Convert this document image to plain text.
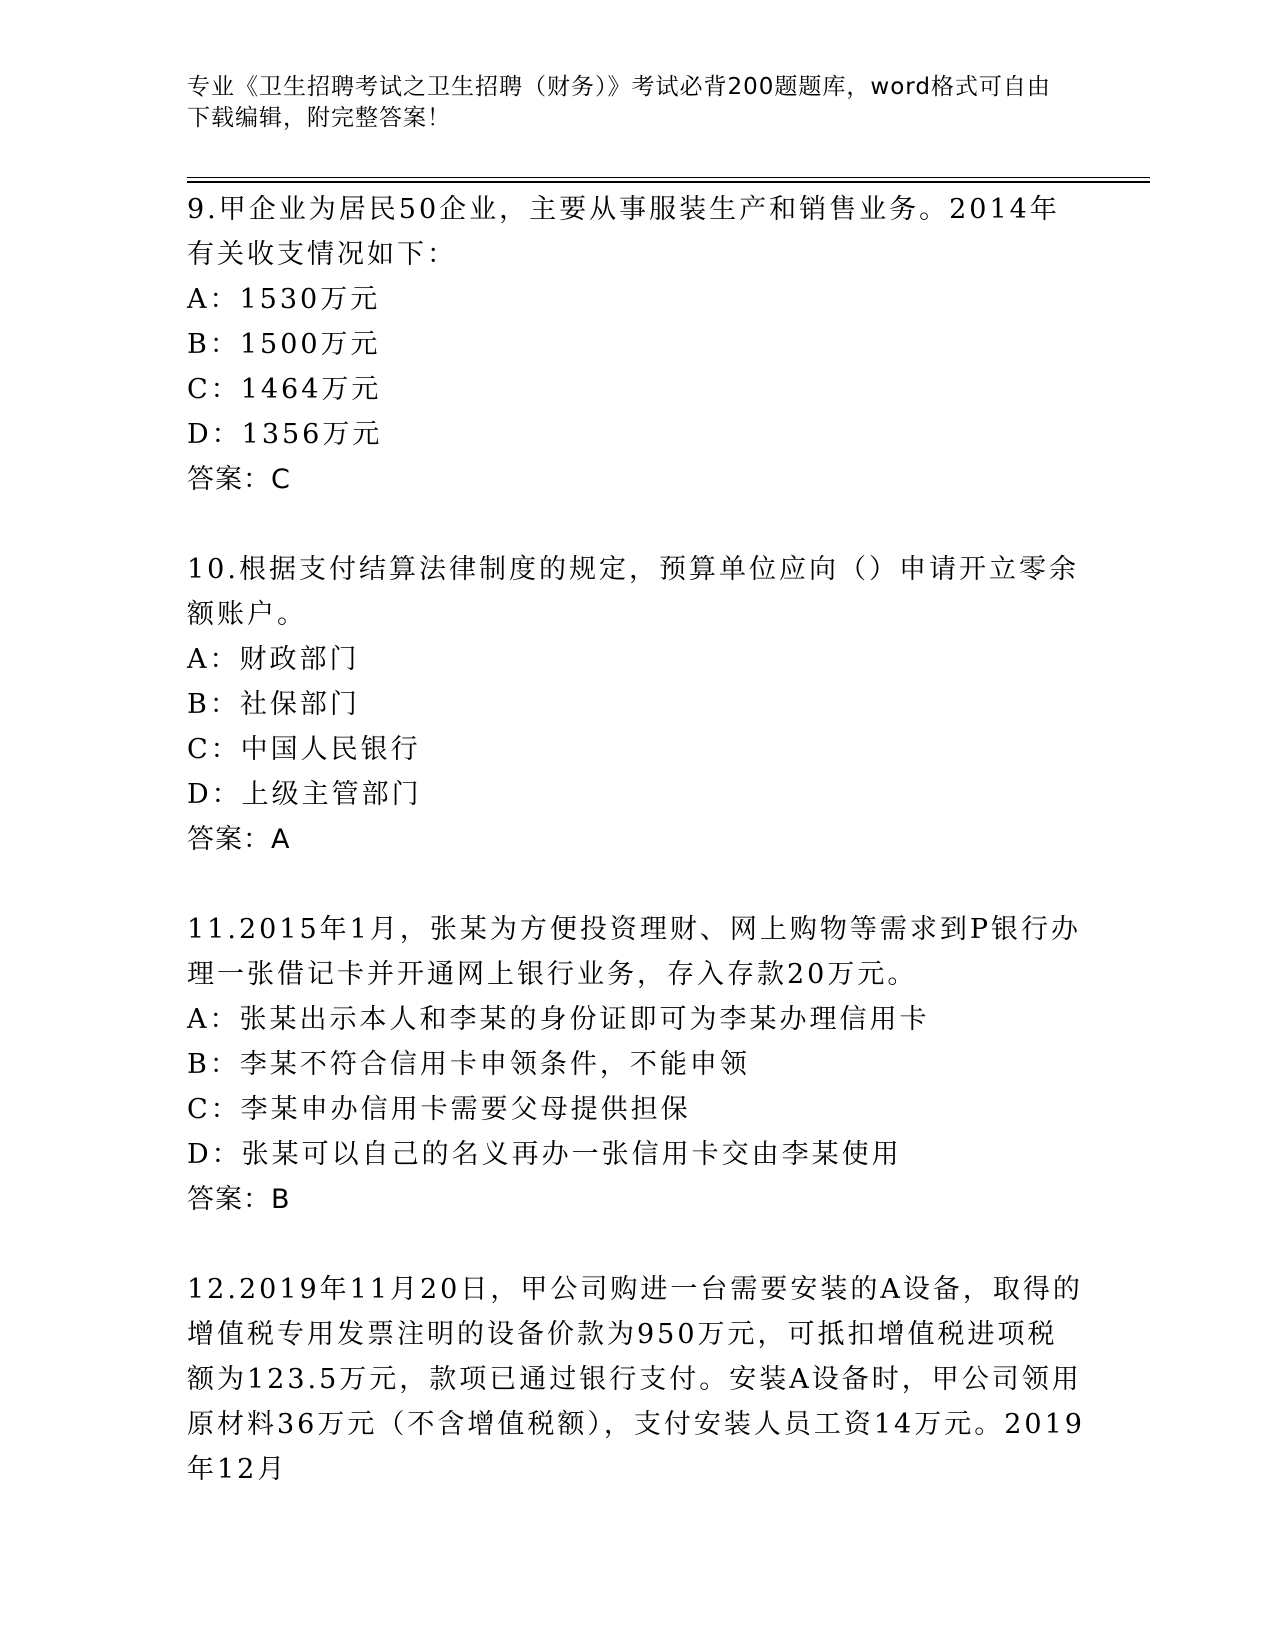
专业《卫生招聘考试之卫生招聘（财务）》考试必背200题题库，word格式可自由下载编辑，附完整答案！
9.甲企业为居民50企业，主要从事服装生产和销售业务。2014年有关收支情况如下：
A：1530万元
B：1500万元
C：1464万元
D：1356万元
答案：C
10.根据支付结算法律制度的规定，预算单位应向（）申请开立零余额账户。
A：财政部门
B：社保部门
C：中国人民银行
D：上级主管部门
答案：A
11.2015年1月，张某为方便投资理财、网上购物等需求到P银行办理一张借记卡并开通网上银行业务，存入存款20万元。
A：张某出示本人和李某的身份证即可为李某办理信用卡
B：李某不符合信用卡申领条件，不能申领
C：李某申办信用卡需要父母提供担保
D：张某可以自己的名义再办一张信用卡交由李某使用
答案：B
12.2019年11月20日，甲公司购进一台需要安装的A设备，取得的增值税专用发票注明的设备价款为950万元，可抵扣增值税进项税额为123.5万元，款项已通过银行支付。安装A设备时，甲公司领用原材料36万元（不含增值税额），支付安装人员工资14万元。2019年12月
